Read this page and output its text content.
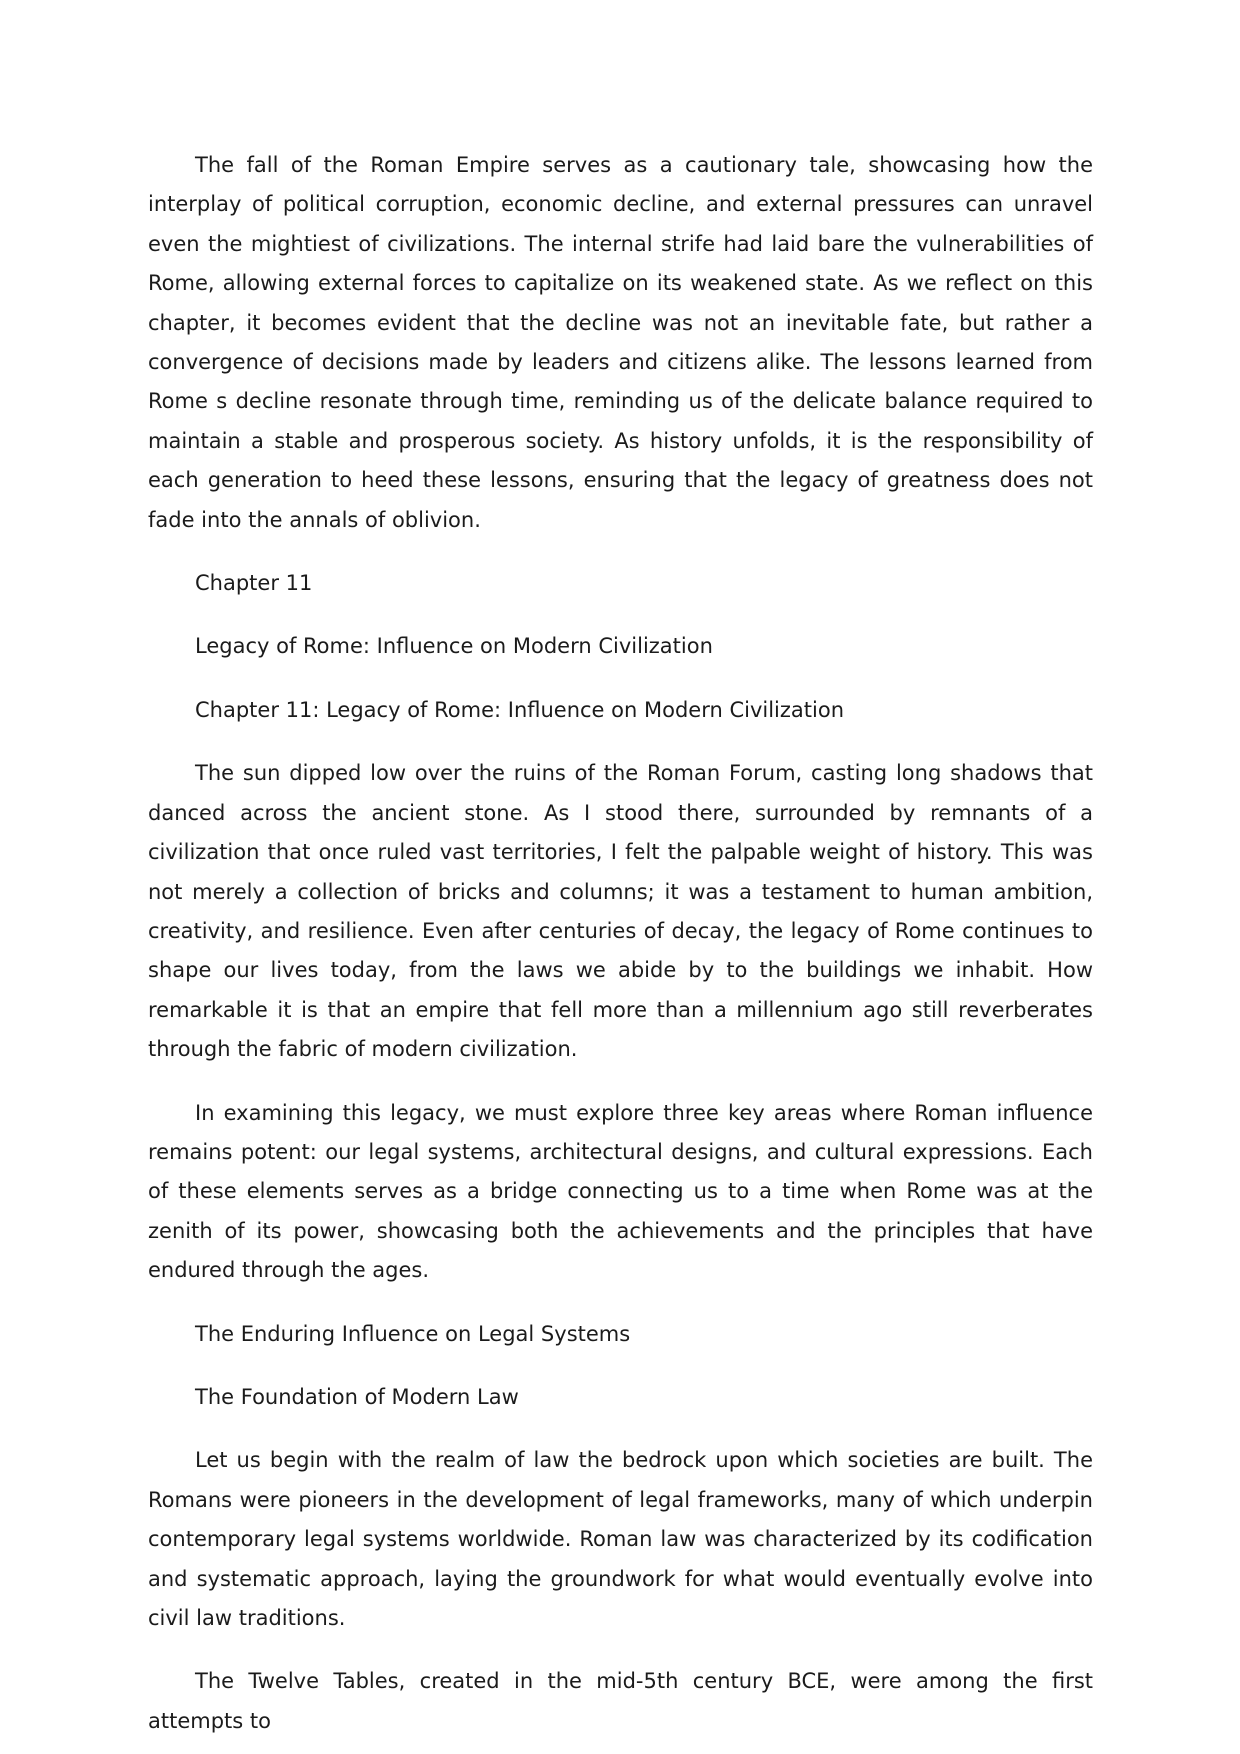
The fall of the Roman Empire serves as a cautionary tale, showcasing how the interplay of political corruption, economic decline, and external pressures can unravel even the mightiest of civilizations. The internal strife had laid bare the vulnerabilities of Rome, allowing external forces to capitalize on its weakened state. As we reflect on this chapter, it becomes evident that the decline was not an inevitable fate, but rather a convergence of decisions made by leaders and citizens alike. The lessons learned from Rome s decline resonate through time, reminding us of the delicate balance required to maintain a stable and prosperous society. As history unfolds, it is the responsibility of each generation to heed these lessons, ensuring that the legacy of greatness does not fade into the annals of oblivion.

Chapter 11

Legacy of Rome: Influence on Modern Civilization

Chapter 11: Legacy of Rome: Influence on Modern Civilization

The sun dipped low over the ruins of the Roman Forum, casting long shadows that danced across the ancient stone. As I stood there, surrounded by remnants of a civilization that once ruled vast territories, I felt the palpable weight of history. This was not merely a collection of bricks and columns; it was a testament to human ambition, creativity, and resilience. Even after centuries of decay, the legacy of Rome continues to shape our lives today, from the laws we abide by to the buildings we inhabit. How remarkable it is that an empire that fell more than a millennium ago still reverberates through the fabric of modern civilization.

In examining this legacy, we must explore three key areas where Roman influence remains potent: our legal systems, architectural designs, and cultural expressions. Each of these elements serves as a bridge connecting us to a time when Rome was at the zenith of its power, showcasing both the achievements and the principles that have endured through the ages.

The Enduring Influence on Legal Systems

The Foundation of Modern Law

Let us begin with the realm of law the bedrock upon which societies are built. The Romans were pioneers in the development of legal frameworks, many of which underpin contemporary legal systems worldwide. Roman law was characterized by its codification and systematic approach, laying the groundwork for what would eventually evolve into civil law traditions.

The Twelve Tables, created in the mid-5th century BCE, were among the first attempts to
